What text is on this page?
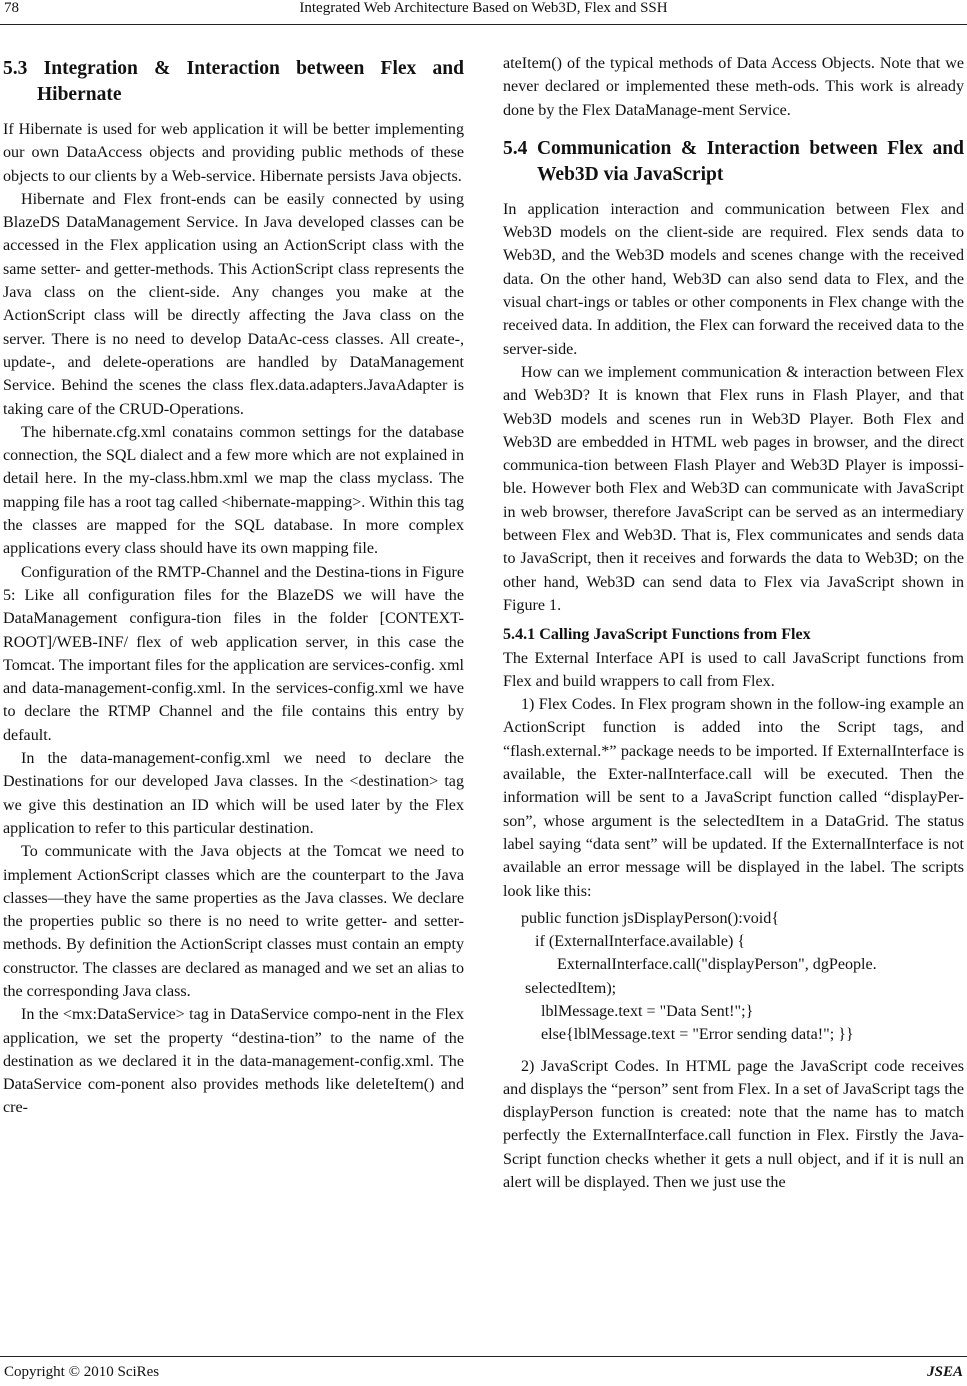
78	Integrated Web Architecture Based on Web3D, Flex and SSH
5.3 Integration & Interaction between Flex and Hibernate

If Hibernate is used for web application it will be better implementing our own DataAccess objects and providing public methods of these objects to our clients by a Web-service. Hibernate persists Java objects.

Hibernate and Flex front-ends can be easily connected by using BlazeDS DataManagement Service. In Java developed classes can be accessed in the Flex application using an ActionScript class with the same setter- and getter-methods. This ActionScript class represents the Java class on the client-side. Any changes you make at the ActionScript class will be directly affecting the Java class on the server. There is no need to develop DataAc-cess classes. All create-, update-, and delete-operations are handled by DataManagement Service. Behind the scenes the class flex.data.adapters.JavaAdapter is taking care of the CRUD-Operations.

The hibernate.cfg.xml conatains common settings for the database connection, the SQL dialect and a few more which are not explained in detail here. In the my-class.hbm.xml we map the class myclass. The mapping file has a root tag called <hibernate-mapping>. Within this tag the classes are mapped for the SQL database. In more complex applications every class should have its own mapping file.

Configuration of the RMTP-Channel and the Destina-tions in Figure 5: Like all configuration files for the BlazeDS we will have the DataManagement configura-tion files in the folder [CONTEXT-ROOT]/WEB-INF/ flex of web application server, in this case the Tomcat. The important files for the application are services-config. xml and data-management-config.xml. In the services-config.xml we have to declare the RTMP Channel and the file contains this entry by default.

In the data-management-config.xml we need to declare the Destinations for our developed Java classes. In the <destination> tag we give this destination an ID which will be used later by the Flex application to refer to this particular destination.

To communicate with the Java objects at the Tomcat we need to implement ActionScript classes which are the counterpart to the Java classes—they have the same properties as the Java classes. We declare the properties public so there is no need to write getter- and setter-methods. By definition the ActionScript classes must contain an empty constructor. The classes are declared as managed and we set an alias to the corresponding Java class.

In the <mx:DataService> tag in DataService compo-nent in the Flex application, we set the property “destina-tion” to the name of the destination as we declared it in the data-management-config.xml. The DataService com-ponent also provides methods like deleteItem() and cre-

ateItem() of the typical methods of Data Access Objects. Note that we never declared or implemented these meth-ods. This work is already done by the Flex DataManage-ment Service.

5.4 Communication & Interaction between Flex and Web3D via JavaScript

In application interaction and communication between Flex and Web3D models on the client-side are required. Flex sends data to Web3D, and the Web3D models and scenes change with the received data. On the other hand, Web3D can also send data to Flex, and the visual chart-ings or tables or other components in Flex change with the received data. In addition, the Flex can forward the received data to the server-side.

How can we implement communication & interaction between Flex and Web3D? It is known that Flex runs in Flash Player, and that Web3D models and scenes run in Web3D Player. Both Flex and Web3D are embedded in HTML web pages in browser, and the direct communica-tion between Flash Player and Web3D Player is impossi-ble. However both Flex and Web3D can communicate with JavaScript in web browser, therefore JavaScript can be served as an intermediary between Flex and Web3D. That is, Flex communicates and sends data to JavaScript, then it receives and forwards the data to Web3D; on the other hand, Web3D can send data to Flex via JavaScript shown in Figure 1.

5.4.1 Calling JavaScript Functions from Flex

The External Interface API is used to call JavaScript functions from Flex and build wrappers to call from Flex.

1) Flex Codes. In Flex program shown in the follow-ing example an ActionScript function is added into the Script tags, and “flash.external.*” package needs to be imported. If ExternalInterface is available, the Exter-nalInterface.call will be executed. Then the information will be sent to a JavaScript function called “displayPer-son”, whose argument is the selectedItem in a DataGrid. The status label saying “data sent” will be updated. If the ExternalInterface is not available an error message will be displayed in the label. The scripts look like this:

public function jsDisplayPerson():void{
if (ExternalInterface.available) {
ExternalInterface.call("displayPerson", dgPeople.
selectedItem);
lblMessage.text = "Data Sent!";}
else{lblMessage.text = "Error sending data!"; }}

2) JavaScript Codes. In HTML page the JavaScript code receives and displays the “person” sent from Flex. In a set of JavaScript tags the displayPerson function is created: note that the name has to match perfectly the ExternalInterface.call function in Flex. Firstly the Java-Script function checks whether it gets a null object, and if it is null an alert will be displayed. Then we just use the

Copyright © 2010 SciRes	JSEA
